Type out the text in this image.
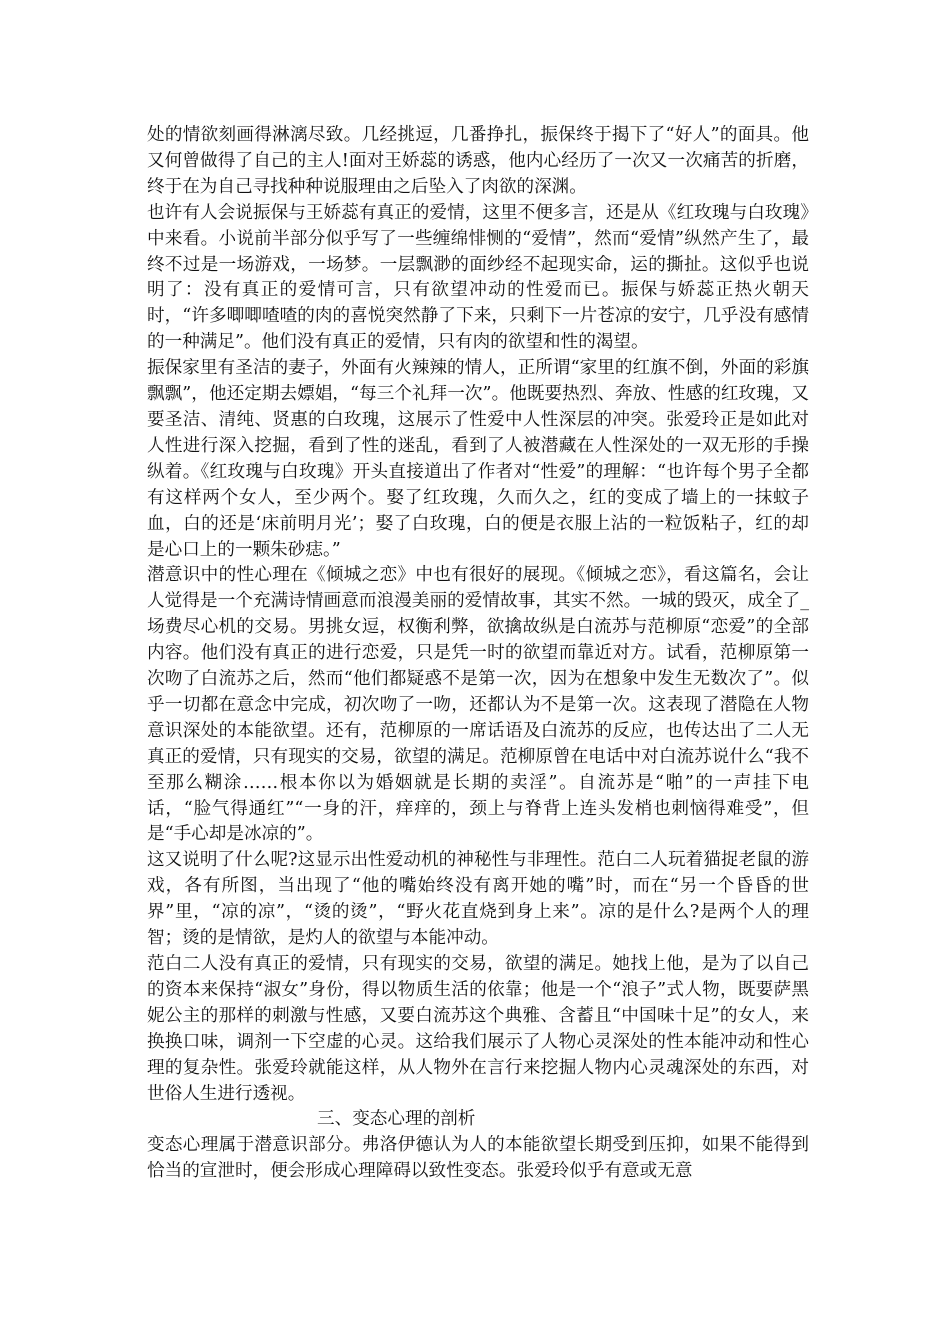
处的情欲刻画得淋漓尽致。几经挑逗，几番挣扎，振保终于揭下了“好人”的面具。他又何曾做得了自己的主人!面对王娇蕊的诱惑，他内心经历了一次又一次痛苦的折磨，终于在为自己寻找种种说服理由之后坠入了肉欲的深渊。

也许有人会说振保与王娇蕊有真正的爱情，这里不便多言，还是从《红玫瑰与白玫瑰》中来看。小说前半部分似乎写了一些缠绵悱恻的“爱情”，然而“爱情”纵然产生了，最终不过是一场游戏，一场梦。一层飘渺的面纱经不起现实命，运的撕扯。这似乎也说明了：没有真正的爱情可言，只有欲望冲动的性爱而已。振保与娇蕊正热火朝天时，“许多唧唧喳喳的肉的喜悦突然静了下来，只剩下一片苍凉的安宁，几乎没有感情的一种满足”。他们没有真正的爱情，只有肉的欲望和性的渴望。

振保家里有圣洁的妻子，外面有火辣辣的情人，正所谓“家里的红旗不倒，外面的彩旗飘飘”，他还定期去嫖娼，“每三个礼拜一次”。他既要热烈、奔放、性感的红玫瑰，又要圣洁、清纯、贤惠的白玫瑰，这展示了性爱中人性深层的冲突。张爱玲正是如此对人性进行深入挖掘，看到了性的迷乱，看到了人被潜藏在人性深处的一双无形的手操纵着。《红玫瑰与白玫瑰》开头直接道出了作者对“性爱”的理解：“也许每个男子全都有这样两个女人，至少两个。娶了红玫瑰，久而久之，红的变成了墙上的一抹蚊子血，白的还是‘床前明月光’；娶了白玫瑰，白的便是衣服上沾的一粒饭粘子，红的却是心口上的一颗朱砂痣。”

潜意识中的性心理在《倾城之恋》中也有很好的展现。《倾城之恋》，看这篇名，会让人觉得是一个充满诗情画意而浪漫美丽的爱情故事，其实不然。一城的毁灭，成全了_场费尽心机的交易。男挑女逗，权衡利弊，欲擒故纵是白流苏与范柳原“恋爱”的全部内容。他们没有真正的进行恋爱，只是凭一时的欲望而靠近对方。试看，范柳原第一次吻了白流苏之后，然而“他们都疑惑不是第一次，因为在想象中发生无数次了”。似乎一切都在意念中完成，初次吻了一吻，还都认为不是第一次。这表现了潜隐在人物意识深处的本能欲望。还有，范柳原的一席话语及白流苏的反应，也传达出了二人无真正的爱情，只有现实的交易，欲望的满足。范柳原曾在电话中对白流苏说什么“我不至那么糊涂……根本你以为婚姻就是长期的卖淫”。自流苏是“啪”的一声挂下电话，“脸气得通红”“一身的汗，痒痒的，颈上与脊背上连头发梢也刺恼得难受”，但是“手心却是冰凉的”。

这又说明了什么呢?这显示出性爱动机的神秘性与非理性。范白二人玩着猫捉老鼠的游戏，各有所图，当出现了“他的嘴始终没有离开她的嘴”时，而在“另一个昏昏的世界”里，“凉的凉”，“烫的烫”，“野火花直烧到身上来”。凉的是什么?是两个人的理智；烫的是情欲，是灼人的欲望与本能冲动。

范白二人没有真正的爱情，只有现实的交易，欲望的满足。她找上他，是为了以自己的资本来保持“淑女”身份，得以物质生活的依靠；他是一个“浪子”式人物，既要萨黑妮公主的那样的刺激与性感，又要白流苏这个典雅、含蓄且“中国味十足”的女人，来换换口味，调剂一下空虚的心灵。这给我们展示了人物心灵深处的性本能冲动和性心理的复杂性。张爱玲就能这样，从人物外在言行来挖掘人物内心灵魂深处的东西，对世俗人生进行透视。

三、变态心理的剖析

变态心理属于潜意识部分。弗洛伊德认为人的本能欲望长期受到压抑，如果不能得到恰当的宣泄时，便会形成心理障碍以致性变态。张爱玲似乎有意或无意
